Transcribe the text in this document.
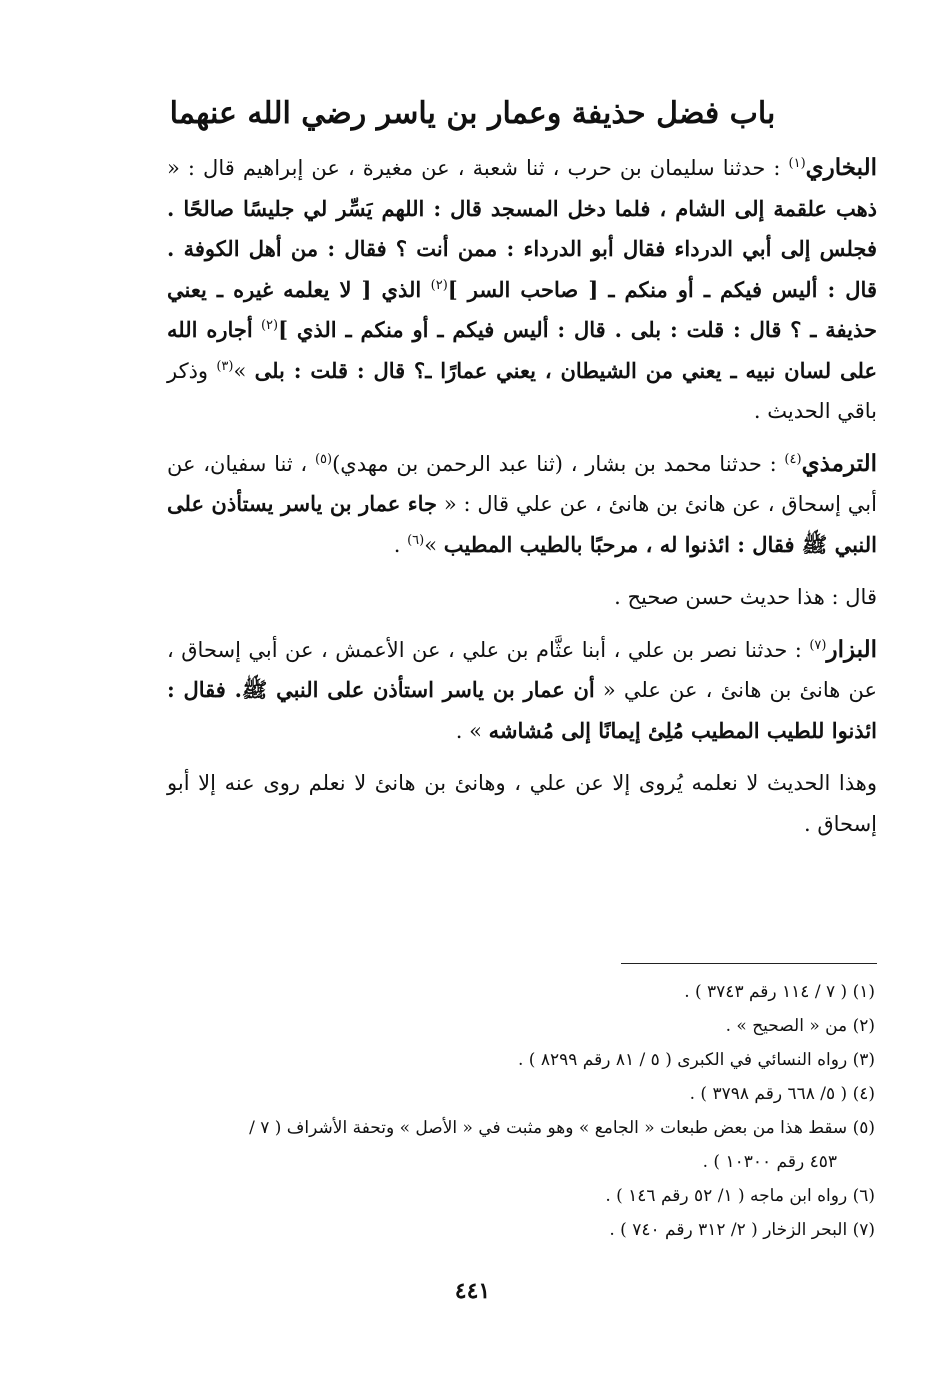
باب فضل حذيفة وعمار بن ياسر رضي الله عنهما

البخاري$^{(١)}$ : حدثنا سليمان بن حرب ، ثنا شعبة ، عن مغيرة ، عن إبراهيم قال : « ذهب علقمة إلى الشام ، فلما دخل المسجد قال : اللهم يَسِّر لي جليسًا صالحًا . فجلس إلى أبي الدرداء فقال أبو الدرداء : ممن أنت ؟ فقال : من أهل الكوفة . قال : أليس فيكم ـ أو منكم ـ [ صاحب السر ]$^{(٢)}$ الذي [ لا يعلمه غيره ـ يعني حذيفة ـ ؟ قال : قلت : بلى . قال : أليس فيكم ـ أو منكم ـ الذي ]$^{(٢)}$ أجاره الله على لسان نبيه ـ يعني من الشيطان ، يعني عمارًا ـ؟ قال : قلت : بلى »$^{(٣)}$ وذكر باقي الحديث .

الترمذي$^{(٤)}$ : حدثنا محمد بن بشار ، (ثنا عبد الرحمن بن مهدي)$^{(٥)}$ ، ثنا سفيان، عن أبي إسحاق ، عن هانئ بن هانئ ، عن علي قال : « جاء عمار بن ياسر يستأذن على النبي ﷺ فقال : ائذنوا له ، مرحبًا بالطيب المطيب »$^{(٦)}$ .

قال : هذا حديث حسن صحيح .

البزار$^{(٧)}$ : حدثنا نصر بن علي ، أبنا عثَّام بن علي ، عن الأعمش ، عن أبي إسحاق ، عن هانئ بن هانئ ، عن علي « أن عمار بن ياسر استأذن على النبي ﷺ. فقال : ائذنوا للطيب المطيب مُلِئ إيمانًا إلى مُشاشه » .

وهذا الحديث لا نعلمه يُروى إلا عن علي ، وهانئ بن هانئ لا نعلم روى عنه إلا أبو إسحاق .

(١) ( ٧ / ١١٤ رقم ٣٧٤٣ ) .

(٢) من « الصحيح » .

(٣) رواه النسائي في الكبرى ( ٥ / ٨١ رقم ٨٢٩٩ ) .

(٤) ( ٥/ ٦٦٨ رقم ٣٧٩٨ ) .

(٥) سقط هذا من بعض طبعات « الجامع » وهو مثبت في « الأصل » وتحفة الأشراف ( ٧ /

٤٥٣ رقم ١٠٣٠٠ ) .

(٦) رواه ابن ماجه ( ١/ ٥٢ رقم ١٤٦ ) .

(٧) البحر الزخار ( ٢/ ٣١٢ رقم ٧٤٠ ) .

٤٤١
